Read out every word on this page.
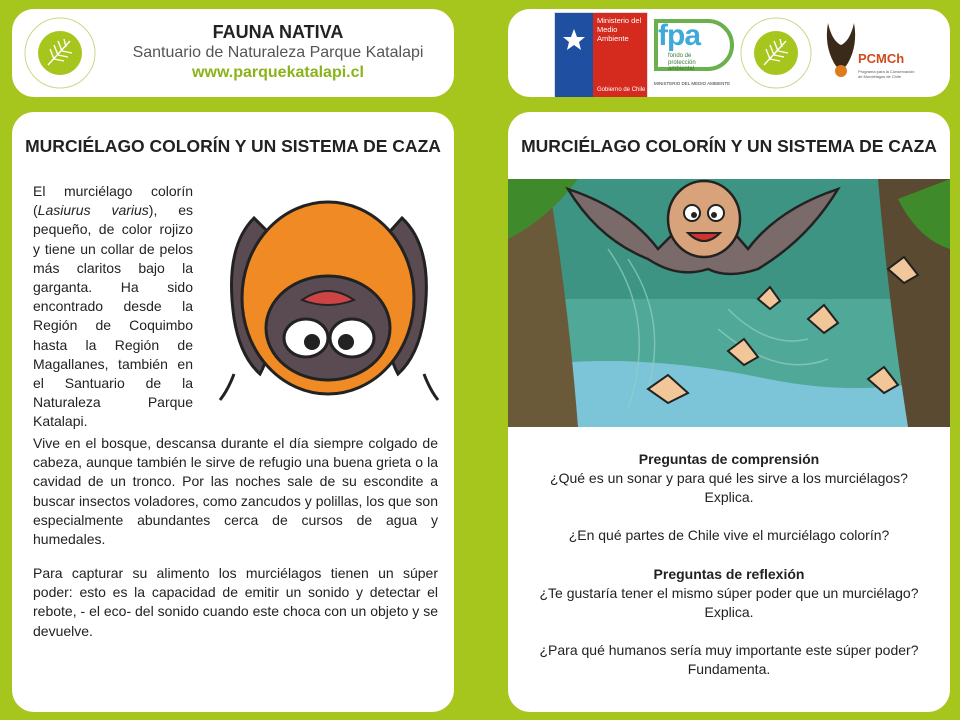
FAUNA NATIVA
Santuario de Naturaleza Parque Katalapi
www.parquekatalapi.cl
Ministerio del
Medio
Ambiente
Gobierno de Chile
fpa
fondo de
protección
ambiental
MINISTERIO DEL MEDIO AMBIENTE
PCMCh
Programa para la Conservación de Murciélagos de Chile
MURCIÉLAGO COLORÍN Y UN SISTEMA DE CAZA
El murciélago colorín (Lasiurus varius), es pequeño, de color rojizo y tiene un collar de pelos más claritos bajo la garganta. Ha sido encontrado desde la Región de Coquimbo hasta la Región de Magallanes, también en el Santuario de la Naturaleza Parque Katalapi.
Vive en el bosque, descansa durante el día siempre colgado de cabeza, aunque también le sirve de refugio una buena grieta o la cavidad de un tronco. Por las noches sale de su escondite a buscar insectos voladores, como zancudos y polillas, los que son especialmente abundantes cerca de cursos de agua y humedales.
Para capturar su alimento los murciélagos tienen un súper poder: esto es la capacidad de emitir un sonido y detectar el rebote, - el eco- del sonido cuando este choca con un objeto y se devuelve.
MURCIÉLAGO COLORÍN Y UN SISTEMA DE CAZA
Preguntas de comprensión
¿Qué es un sonar y para qué les sirve a los murciélagos?
Explica.
¿En qué partes de Chile vive el murciélago colorín?
Preguntas de reflexión
¿Te gustaría tener el mismo súper poder que un murciélago?
Explica.
¿Para qué humanos sería muy importante este súper poder?
Fundamenta.
